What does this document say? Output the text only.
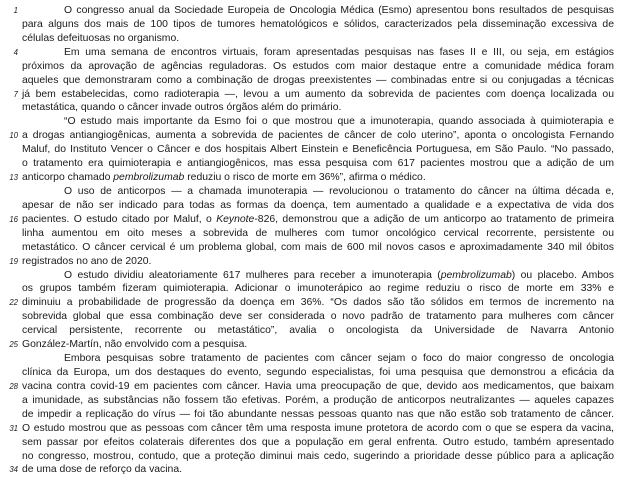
1	O congresso anual da Sociedade Europeia de Oncologia Médica (Esmo) apresentou bons resultados de pesquisas
para alguns dos mais de 100 tipos de tumores hematológicos e sólidos, caracterizados pela disseminação excessiva de
células defeituosas no organismo.
4	Em uma semana de encontros virtuais, foram apresentadas pesquisas nas fases II e III, ou seja, em estágios
próximos da aprovação de agências reguladoras. Os estudos com maior destaque entre a comunidade médica foram
aqueles que demonstraram como a combinação de drogas preexistentes — combinadas entre si ou conjugadas a técnicas
7 já bem estabelecidas, como radioterapia —, levou a um aumento da sobrevida de pacientes com doença localizada ou
metastática, quando o câncer invade outros órgãos além do primário.
“O estudo mais importante da Esmo foi o que mostrou que a imunoterapia, quando associada à quimioterapia e
10 a drogas antiangiogênicas, aumenta a sobrevida de pacientes de câncer de colo uterino”, aponta o oncologista Fernando
Maluf, do Instituto Vencer o Câncer e dos hospitais Albert Einstein e Beneficência Portuguesa, em São Paulo. “No passado,
o tratamento era quimioterapia e antiangiogênicos, mas essa pesquisa com 617 pacientes mostrou que a adição de um
13 anticorpo chamado pembrolizumab reduziu o risco de morte em 36%”, afirma o médico.
O uso de anticorpos — a chamada imunoterapia — revolucionou o tratamento do câncer na última década e,
apesar de não ser indicado para todas as formas da doença, tem aumentado a qualidade e a expectativa de vida dos
16 pacientes. O estudo citado por Maluf, o Keynote-826, demonstrou que a adição de um anticorpo ao tratamento de primeira
linha aumentou em oito meses a sobrevida de mulheres com tumor oncológico cervical recorrente, persistente ou
metastático. O câncer cervical é um problema global, com mais de 600 mil novos casos e aproximadamente 340 mil óbitos
19 registrados no ano de 2020.
O estudo dividiu aleatoriamente 617 mulheres para receber a imunoterapia (pembrolizumab) ou placebo. Ambos
os grupos também fizeram quimioterapia. Adicionar o imunoterápico ao regime reduziu o risco de morte em 33% e
22 diminuiu a probabilidade de progressão da doença em 36%. “Os dados são tão sólidos em termos de incremento na
sobrevida global que essa combinação deve ser considerada o novo padrão de tratamento para mulheres com câncer
cervical persistente, recorrente ou metastático”, avalia o oncologista da Universidade de Navarra Antonio
25 González-Martín, não envolvido com a pesquisa.
Embora pesquisas sobre tratamento de pacientes com câncer sejam o foco do maior congresso de oncologia
clínica da Europa, um dos destaques do evento, segundo especialistas, foi uma pesquisa que demonstrou a eficácia da
28 vacina contra covid-19 em pacientes com câncer. Havia uma preocupação de que, devido aos medicamentos, que baixam
a imunidade, as substâncias não fossem tão efetivas. Porém, a produção de anticorpos neutralizantes — aqueles capazes
de impedir a replicação do vírus — foi tão abundante nessas pessoas quanto nas que não estão sob tratamento de câncer.
31 O estudo mostrou que as pessoas com câncer têm uma resposta imune protetora de acordo com o que se espera da vacina,
sem passar por efeitos colaterais diferentes dos que a população em geral enfrenta. Outro estudo, também apresentado
no congresso, mostrou, contudo, que a proteção diminui mais cedo, sugerindo a prioridade desse público para a aplicação
34 de uma dose de reforço da vacina.
